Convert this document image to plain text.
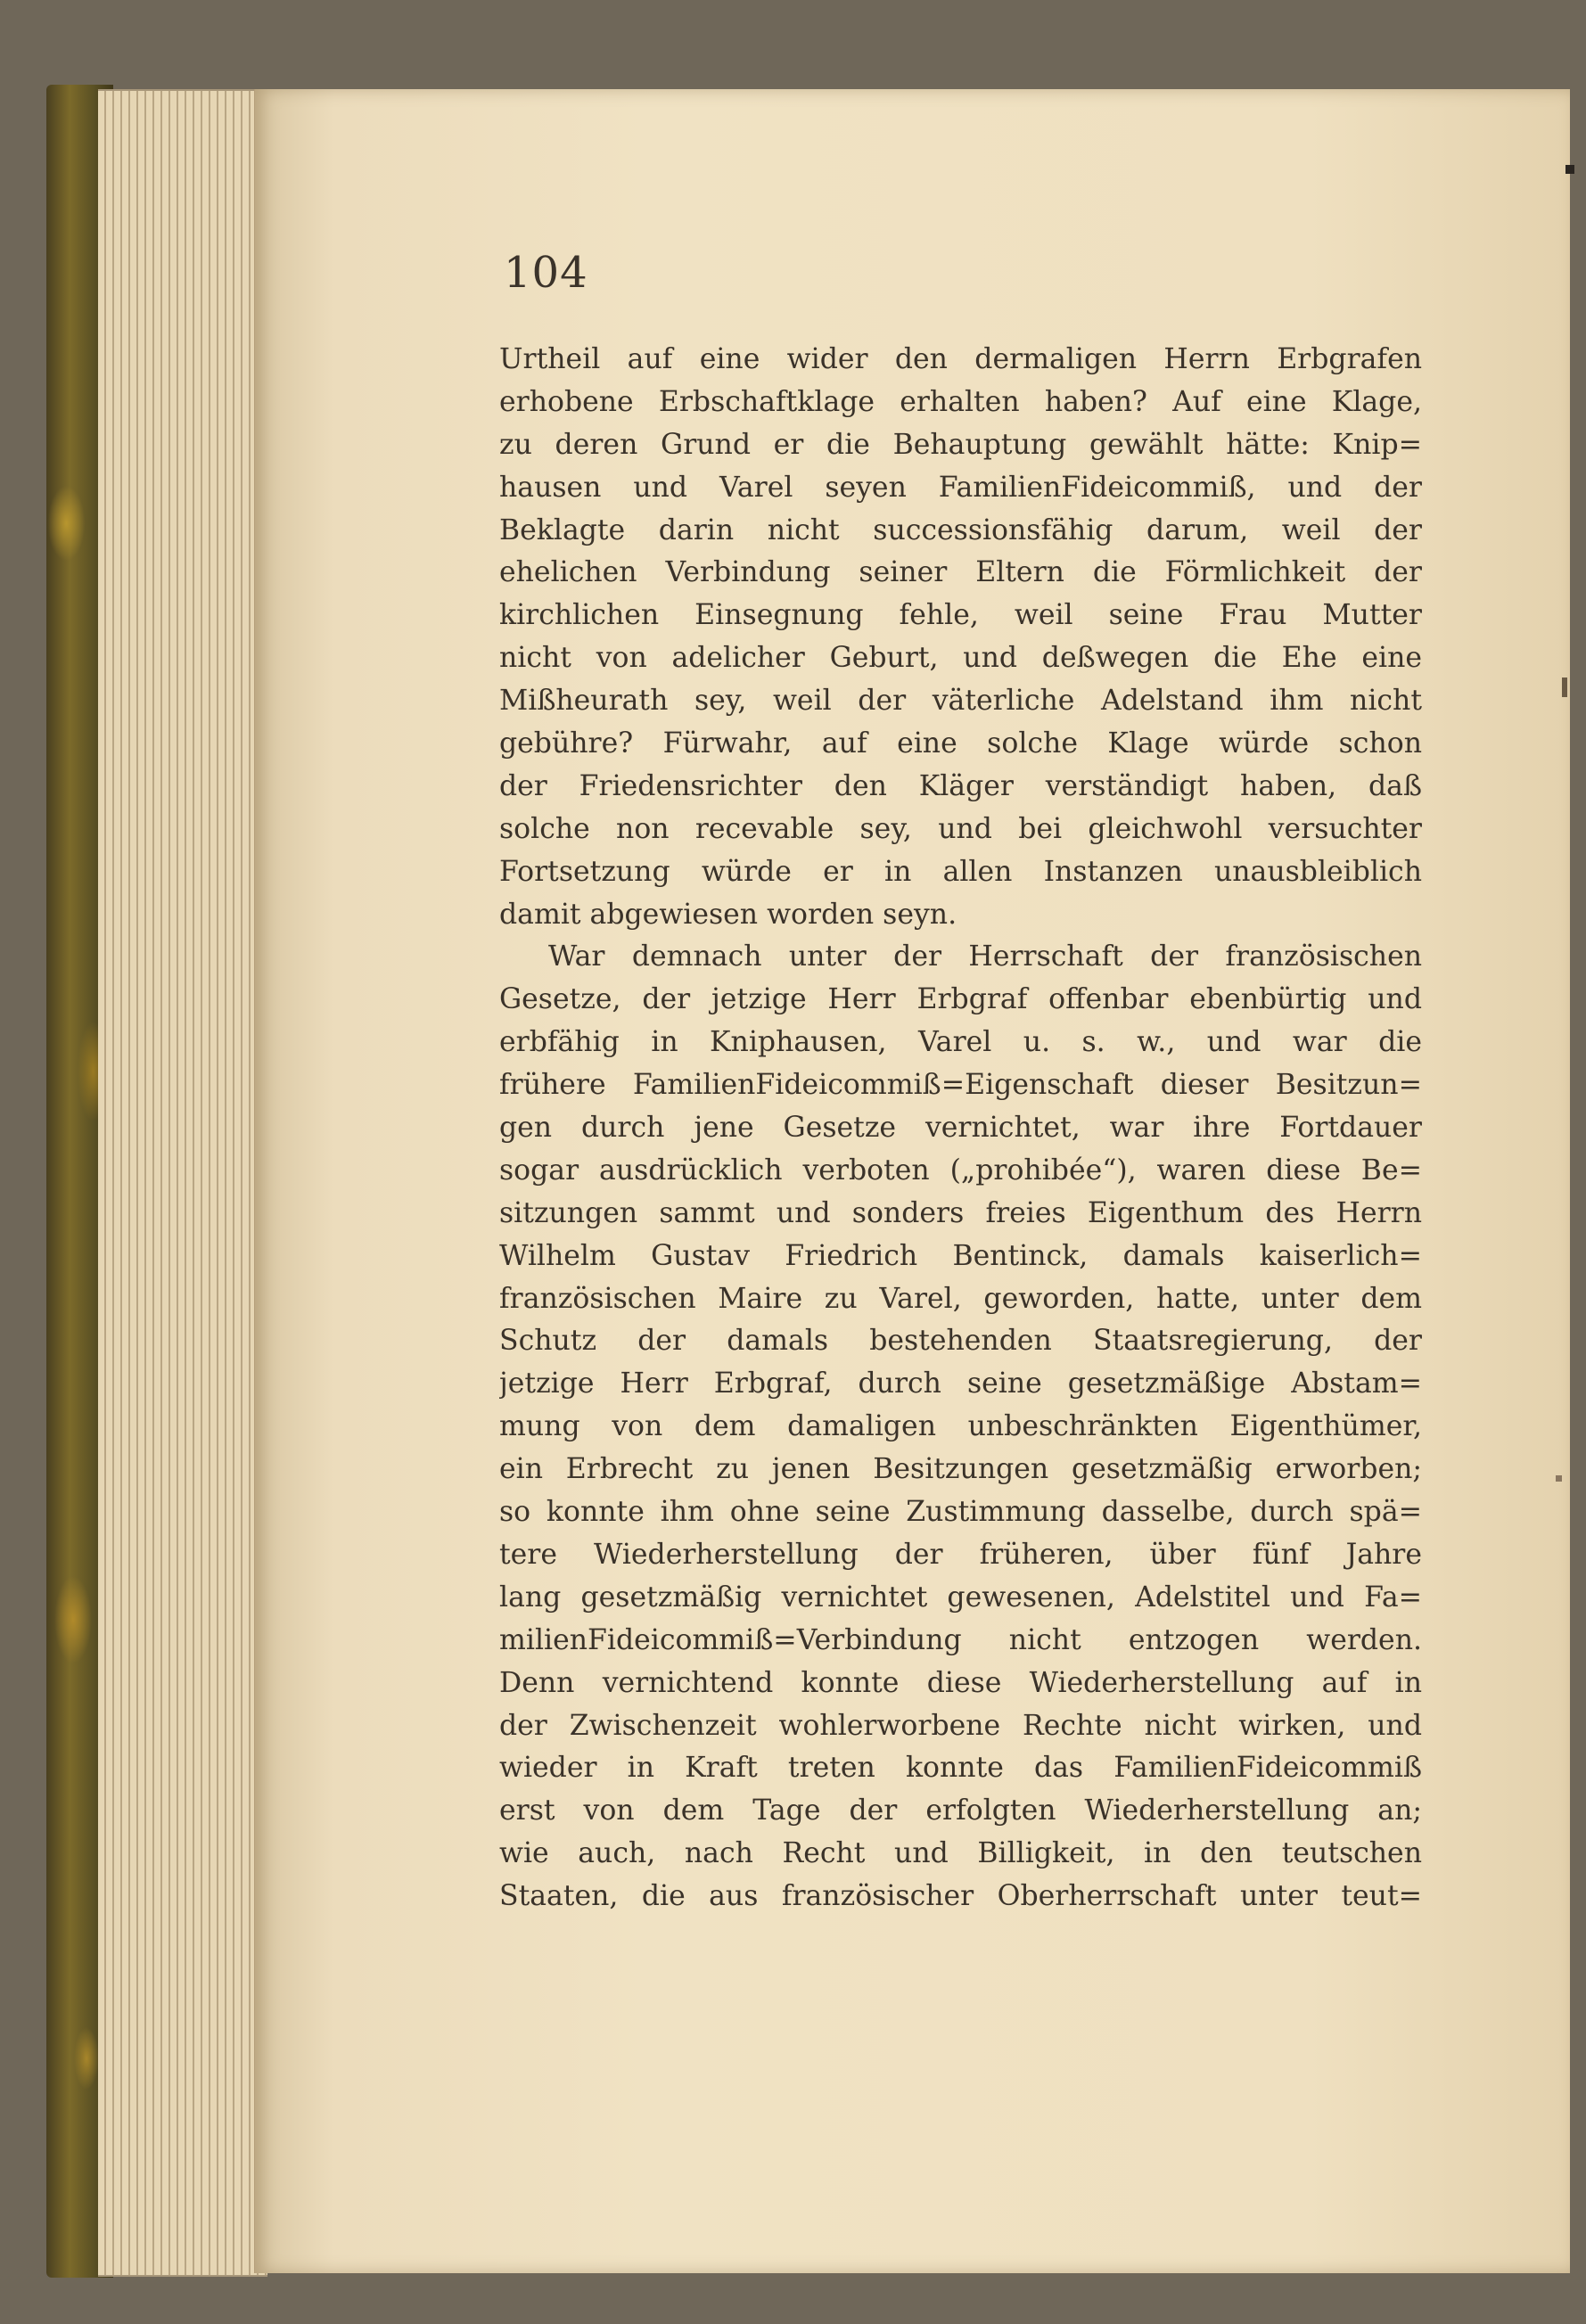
104
Urtheil auf eine wider den dermaligen Herrn Erbgrafen
erhobene Erbschaftklage erhalten haben? Auf eine Klage,
zu deren Grund er die Behauptung gewählt hätte: Knip=
hausen und Varel seyen FamilienFideicommiß, und der
Beklagte darin nicht successionsfähig darum, weil der
ehelichen Verbindung seiner Eltern die Förmlichkeit der
kirchlichen Einsegnung fehle, weil seine Frau Mutter
nicht von adelicher Geburt, und deßwegen die Ehe eine
Mißheurath sey, weil der väterliche Adelstand ihm nicht
gebühre? Fürwahr, auf eine solche Klage würde schon
der Friedensrichter den Kläger verständigt haben, daß
solche non recevable sey, und bei gleichwohl versuchter
Fortsetzung würde er in allen Instanzen unausbleiblich
damit abgewiesen worden seyn.
War demnach unter der Herrschaft der französischen
Gesetze, der jetzige Herr Erbgraf offenbar ebenbürtig und
erbfähig in Kniphausen, Varel u. s. w., und war die
frühere FamilienFideicommiß=Eigenschaft dieser Besitzun=
gen durch jene Gesetze vernichtet, war ihre Fortdauer
sogar ausdrücklich verboten („prohibée“), waren diese Be=
sitzungen sammt und sonders freies Eigenthum des Herrn
Wilhelm Gustav Friedrich Bentinck, damals kaiserlich=
französischen Maire zu Varel, geworden, hatte, unter dem
Schutz der damals bestehenden Staatsregierung, der
jetzige Herr Erbgraf, durch seine gesetzmäßige Abstam=
mung von dem damaligen unbeschränkten Eigenthümer,
ein Erbrecht zu jenen Besitzungen gesetzmäßig erworben;
so konnte ihm ohne seine Zustimmung dasselbe, durch spä=
tere Wiederherstellung der früheren, über fünf Jahre
lang gesetzmäßig vernichtet gewesenen, Adelstitel und Fa=
milienFideicommiß=Verbindung nicht entzogen werden.
Denn vernichtend konnte diese Wiederherstellung auf in
der Zwischenzeit wohlerworbene Rechte nicht wirken, und
wieder in Kraft treten konnte das FamilienFideicommiß
erst von dem Tage der erfolgten Wiederherstellung an;
wie auch, nach Recht und Billigkeit, in den teutschen
Staaten, die aus französischer Oberherrschaft unter teut=
